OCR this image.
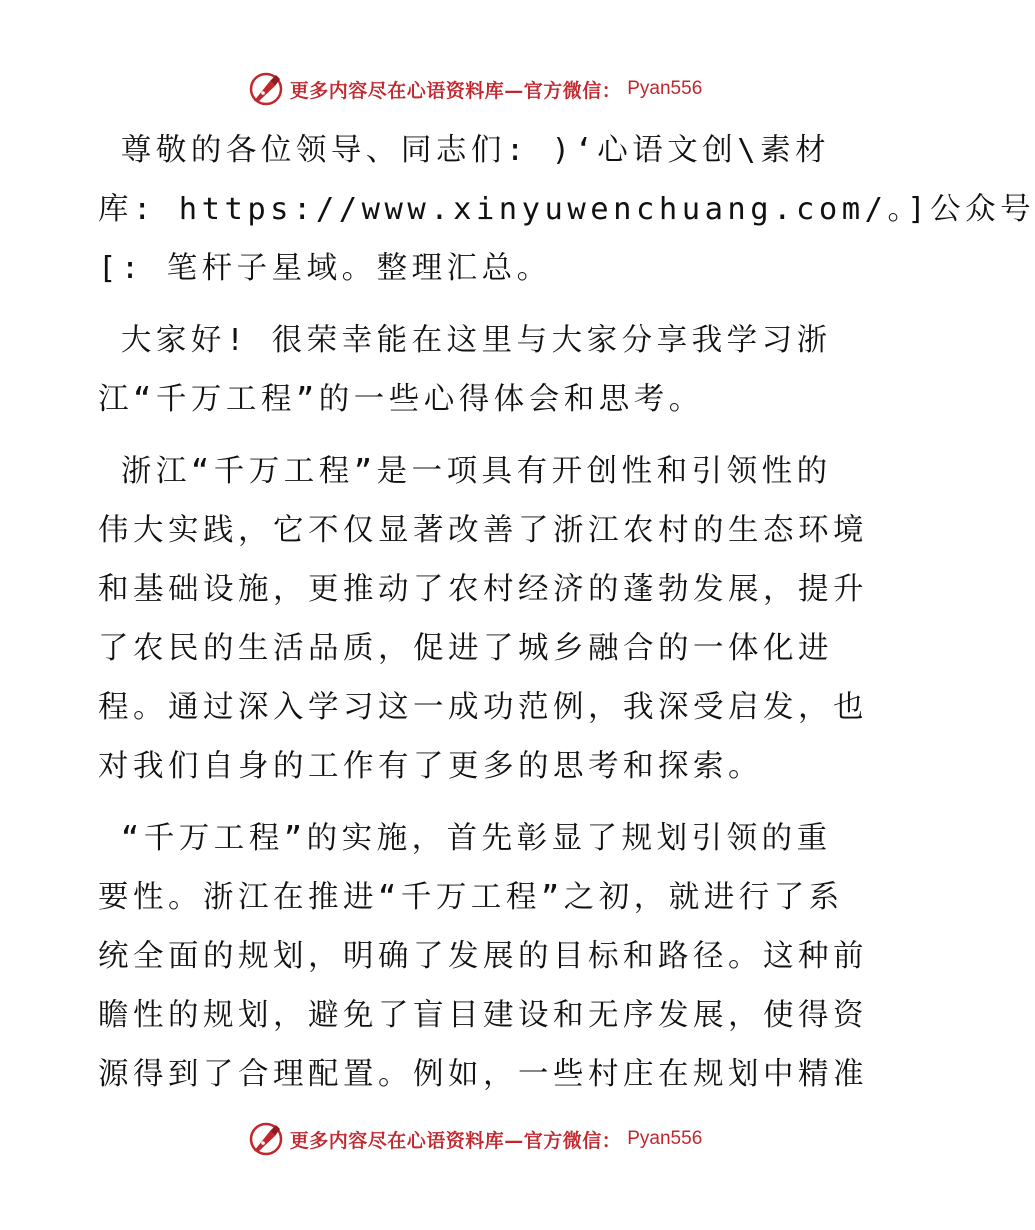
更多内容尽在心语资料库—官方微信： Pyan556
尊敬的各位领导、同志们: )‘心语文创\素材
库: https://www.xinyuwenchuang.com/。]公众号
[: 笔杆子星域。整理汇总。
大家好! 很荣幸能在这里与大家分享我学习浙
江“千万工程”的一些心得体会和思考。
浙江“千万工程”是一项具有开创性和引领性的
伟大实践，它不仅显著改善了浙江农村的生态环境
和基础设施，更推动了农村经济的蓬勃发展，提升
了农民的生活品质，促进了城乡融合的一体化进
程。通过深入学习这一成功范例，我深受启发，也
对我们自身的工作有了更多的思考和探索。
“千万工程”的实施，首先彰显了规划引领的重
要性。浙江在推进“千万工程”之初，就进行了系
统全面的规划，明确了发展的目标和路径。这种前
瞻性的规划，避免了盲目建设和无序发展，使得资
源得到了合理配置。例如，一些村庄在规划中精准
更多内容尽在心语资料库—官方微信： Pyan556
